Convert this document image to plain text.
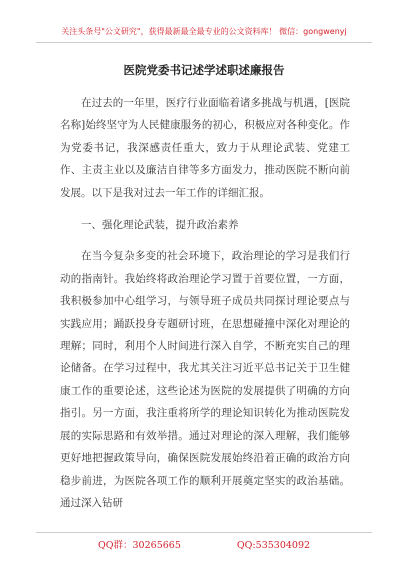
关注头条号"公文研究"，获得最新最全最专业的公文资料库！ 微信：gongwenyj
医院党委书记述学述职述廉报告

在过去的一年里，医疗行业面临着诸多挑战与机遇，[医院名称]始终坚守为人民健康服务的初心，积极应对各种变化。作为党委书记，我深感责任重大，致力于从理论武装、党建工作、主责主业以及廉洁自律等多方面发力，推动医院不断向前发展。以下是我对过去一年工作的详细汇报。

一、强化理论武装，提升政治素养

在当今复杂多变的社会环境下，政治理论的学习是我们行动的指南针。我始终将政治理论学习置于首要位置，一方面，我积极参加中心组学习，与领导班子成员共同探讨理论要点与实践应用；踊跃投身专题研讨班，在思想碰撞中深化对理论的理解；同时，利用个人时间进行深入自学，不断充实自己的理论储备。在学习过程中，我尤其关注习近平总书记关于卫生健康工作的重要论述，这些论述为医院的发展提供了明确的方向指引。另一方面，我注重将所学的理论知识转化为推动医院发展的实际思路和有效举措。通过对理论的深入理解，我们能够更好地把握政策导向，确保医院发展始终沿着正确的政治方向稳步前进，为医院各项工作的顺利开展奠定坚实的政治基础。通过深入钻研

QQ群：30265665	QQ:535304092
